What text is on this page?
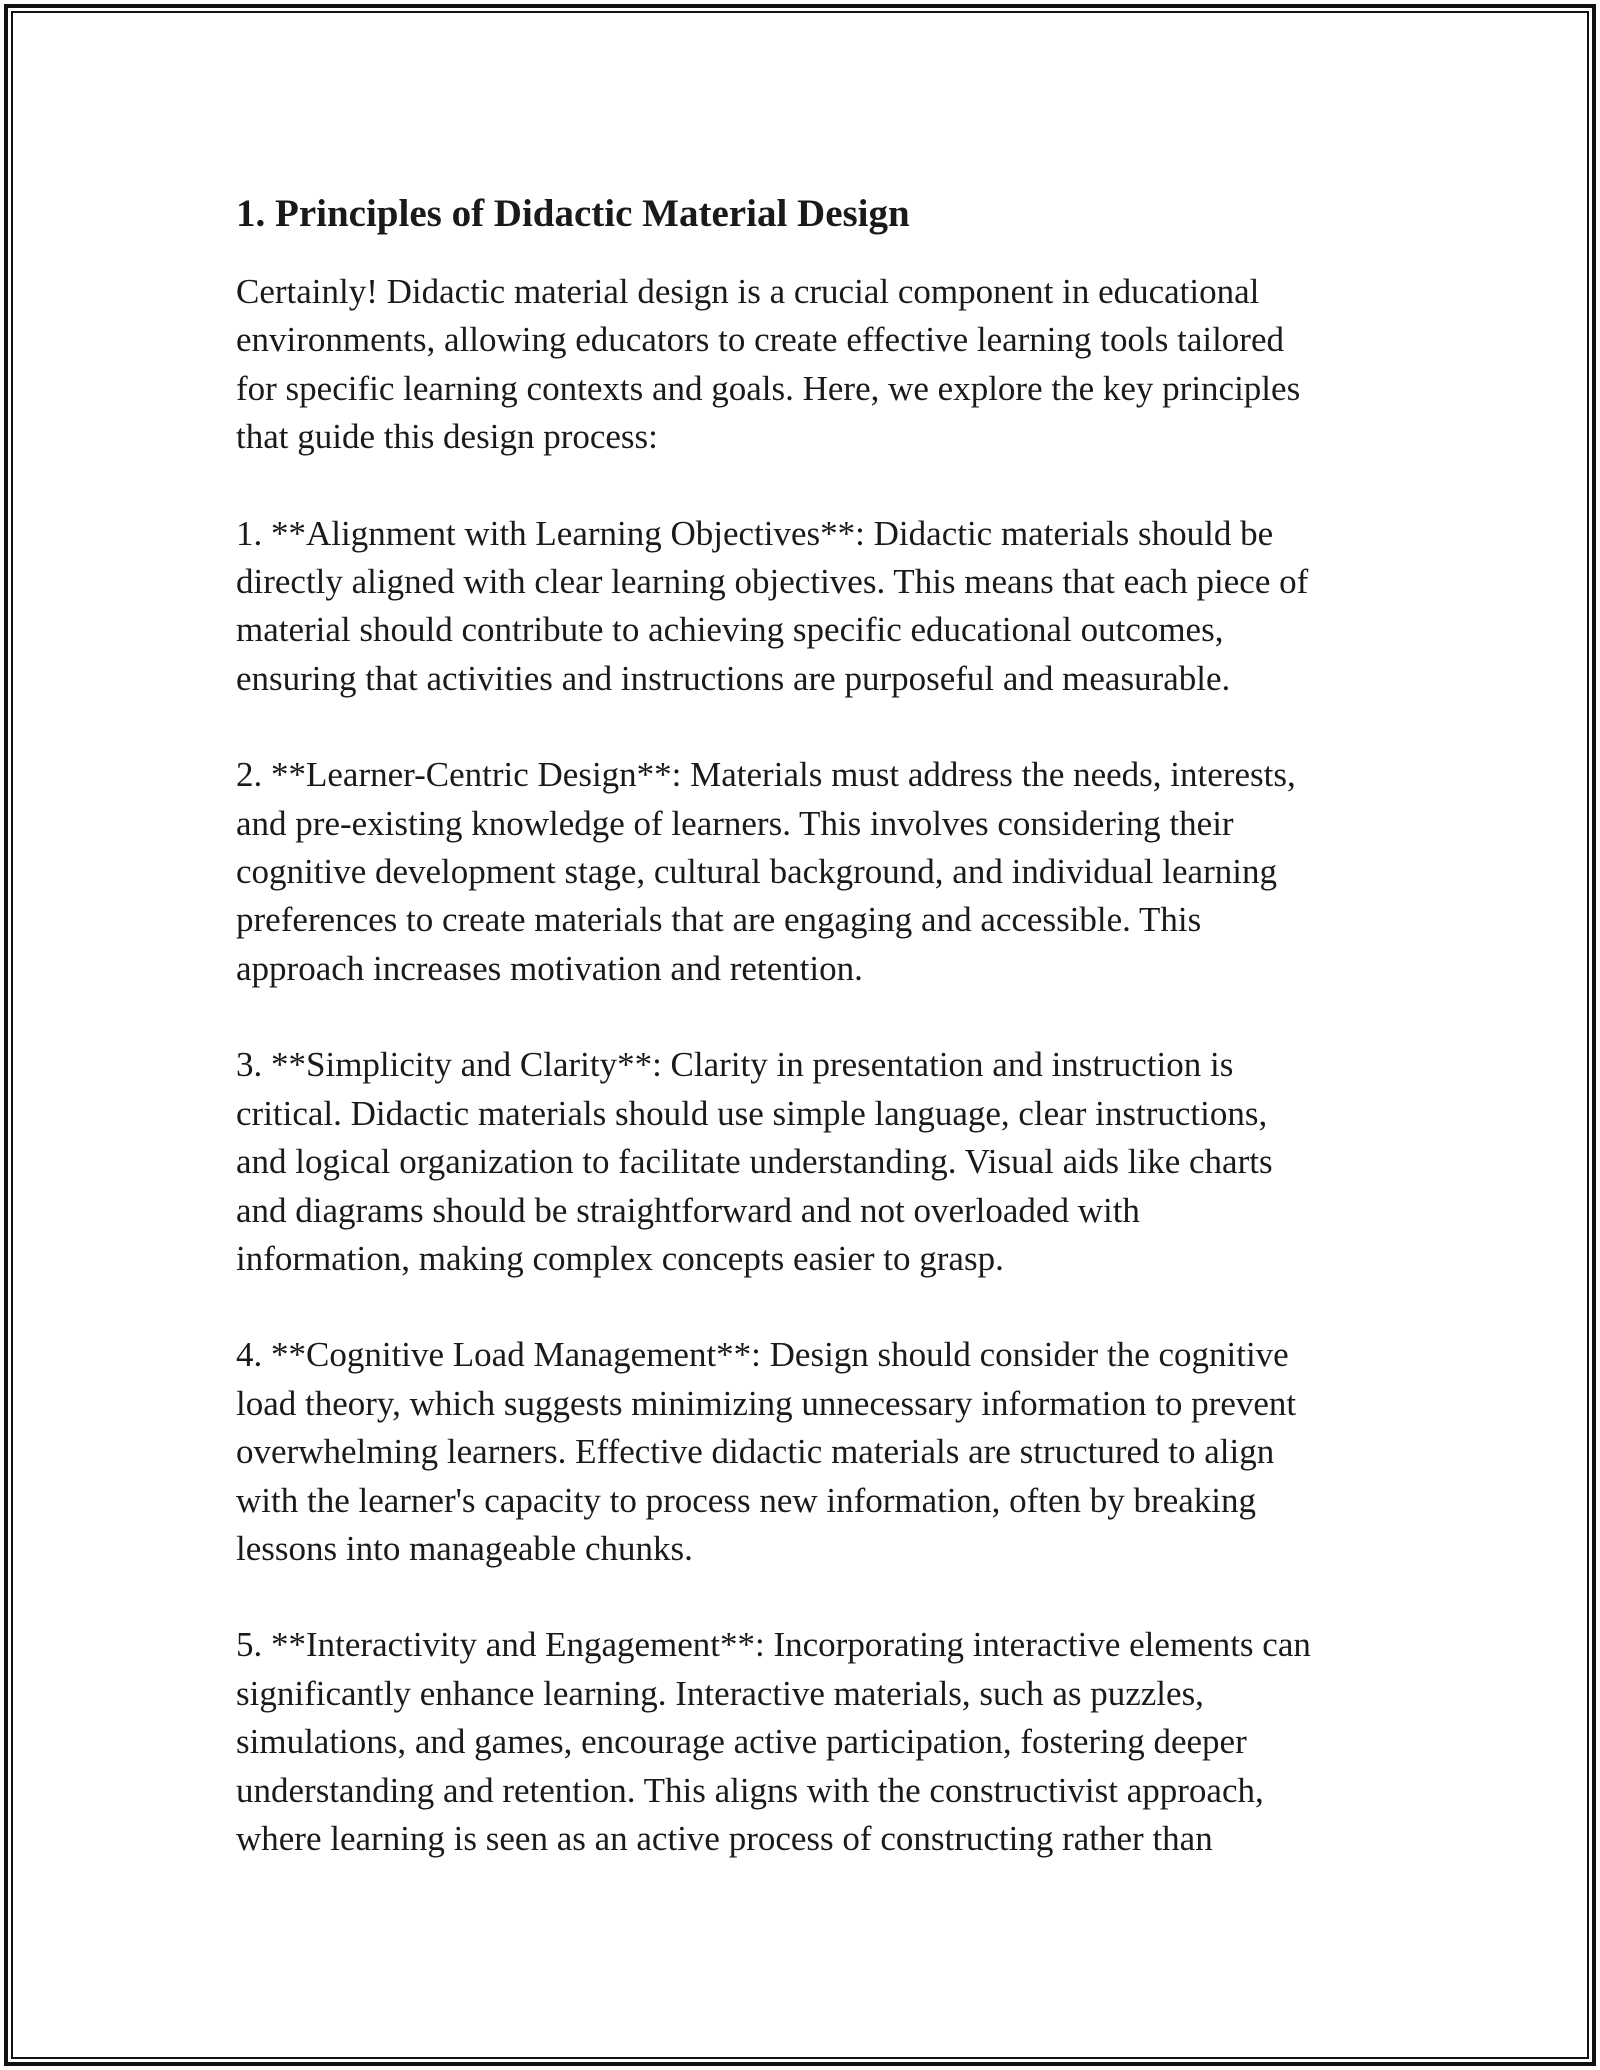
1. Principles of Didactic Material Design

Certainly! Didactic material design is a crucial component in educational
environments, allowing educators to create effective learning tools tailored
for specific learning contexts and goals. Here, we explore the key principles
that guide this design process:

1. **Alignment with Learning Objectives**: Didactic materials should be
directly aligned with clear learning objectives. This means that each piece of
material should contribute to achieving specific educational outcomes,
ensuring that activities and instructions are purposeful and measurable.

2. **Learner-Centric Design**: Materials must address the needs, interests,
and pre-existing knowledge of learners. This involves considering their
cognitive development stage, cultural background, and individual learning
preferences to create materials that are engaging and accessible. This
approach increases motivation and retention.

3. **Simplicity and Clarity**: Clarity in presentation and instruction is
critical. Didactic materials should use simple language, clear instructions,
and logical organization to facilitate understanding. Visual aids like charts
and diagrams should be straightforward and not overloaded with
information, making complex concepts easier to grasp.

4. **Cognitive Load Management**: Design should consider the cognitive
load theory, which suggests minimizing unnecessary information to prevent
overwhelming learners. Effective didactic materials are structured to align
with the learner's capacity to process new information, often by breaking
lessons into manageable chunks.

5. **Interactivity and Engagement**: Incorporating interactive elements can
significantly enhance learning. Interactive materials, such as puzzles,
simulations, and games, encourage active participation, fostering deeper
understanding and retention. This aligns with the constructivist approach,
where learning is seen as an active process of constructing rather than
